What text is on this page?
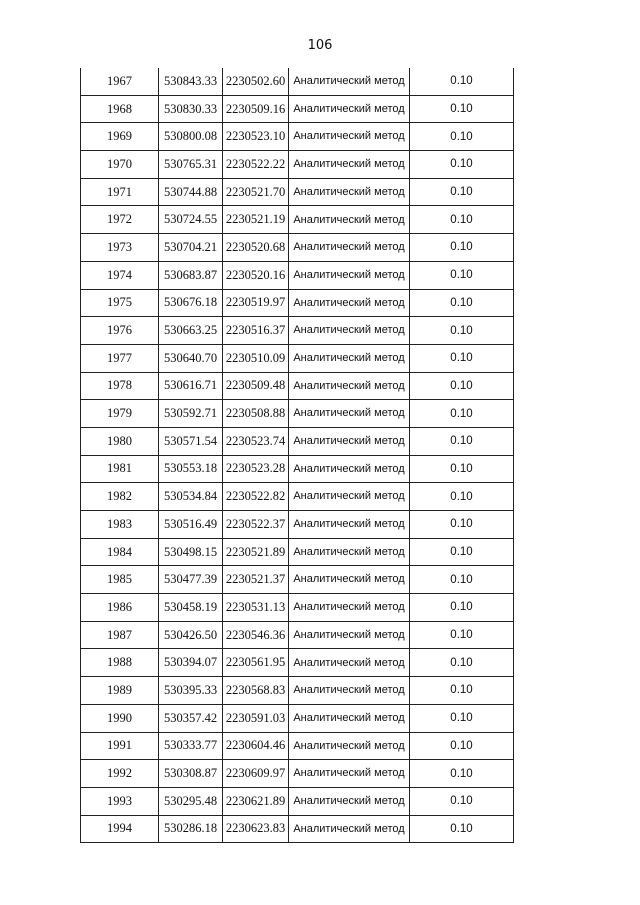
106
1967	530843.33	2230502.60	Аналитический метод	0.10
1968	530830.33	2230509.16	Аналитический метод	0.10
1969	530800.08	2230523.10	Аналитический метод	0.10
1970	530765.31	2230522.22	Аналитический метод	0.10
1971	530744.88	2230521.70	Аналитический метод	0.10
1972	530724.55	2230521.19	Аналитический метод	0.10
1973	530704.21	2230520.68	Аналитический метод	0.10
1974	530683.87	2230520.16	Аналитический метод	0.10
1975	530676.18	2230519.97	Аналитический метод	0.10
1976	530663.25	2230516.37	Аналитический метод	0.10
1977	530640.70	2230510.09	Аналитический метод	0.10
1978	530616.71	2230509.48	Аналитический метод	0.10
1979	530592.71	2230508.88	Аналитический метод	0.10
1980	530571.54	2230523.74	Аналитический метод	0.10
1981	530553.18	2230523.28	Аналитический метод	0.10
1982	530534.84	2230522.82	Аналитический метод	0.10
1983	530516.49	2230522.37	Аналитический метод	0.10
1984	530498.15	2230521.89	Аналитический метод	0.10
1985	530477.39	2230521.37	Аналитический метод	0.10
1986	530458.19	2230531.13	Аналитический метод	0.10
1987	530426.50	2230546.36	Аналитический метод	0.10
1988	530394.07	2230561.95	Аналитический метод	0.10
1989	530395.33	2230568.83	Аналитический метод	0.10
1990	530357.42	2230591.03	Аналитический метод	0.10
1991	530333.77	2230604.46	Аналитический метод	0.10
1992	530308.87	2230609.97	Аналитический метод	0.10
1993	530295.48	2230621.89	Аналитический метод	0.10
1994	530286.18	2230623.83	Аналитический метод	0.10
